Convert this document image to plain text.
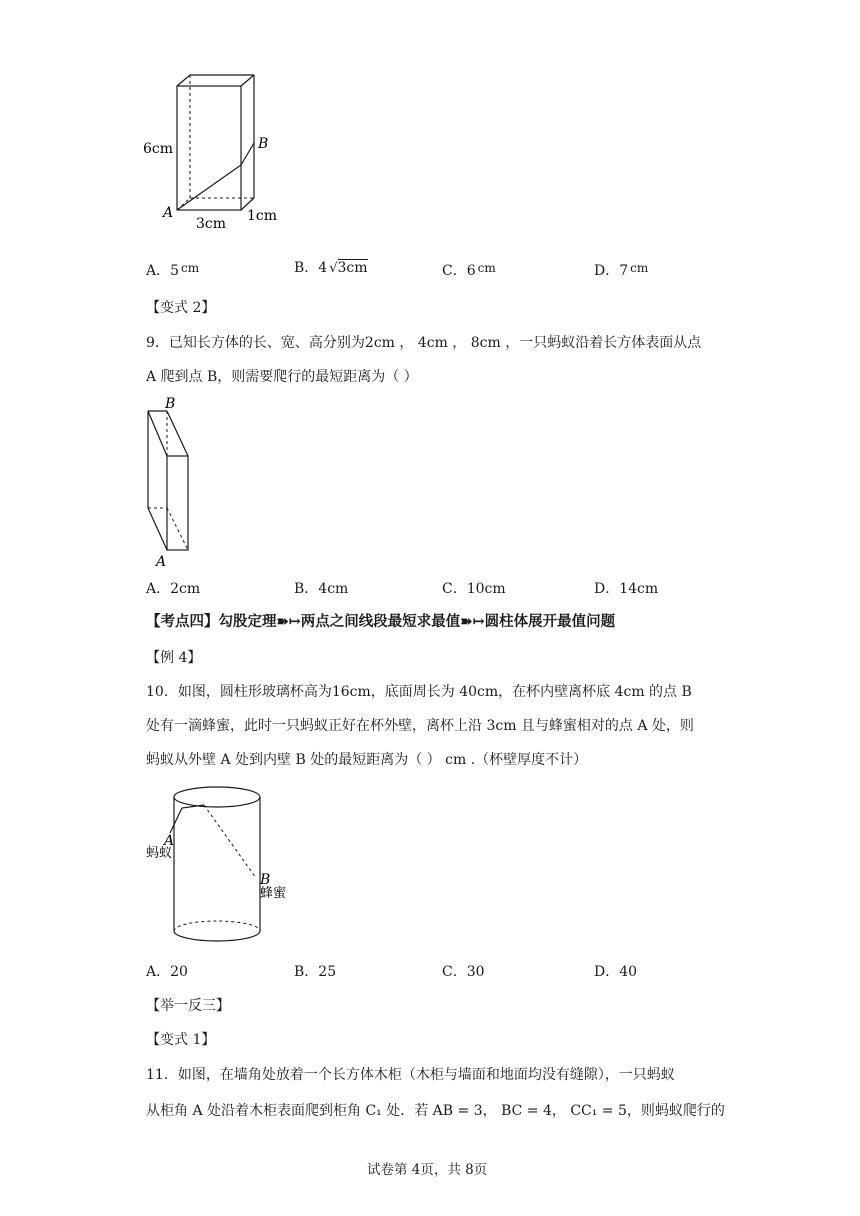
6cm	B
A
3cm 1cm
A．5 cm	B．4 √3cm	C．6 cm	D．7 cm
【变式 2】
9．已知长方体的长、宽、高分别为2cm ， 4cm ， 8cm ，一只蚂蚁沿着长方体表面从点
A 爬到点 B，则需要爬行的最短距离为（ ）
B
A
A．2cm	B．4cm	C．10cm	D．14cm
【考点四】勾股定理➽↦两点之间线段最短求最值➽↦圆柱体展开最值问题
【例 4】
10．如图，圆柱形玻璃杯高为16cm，底面周长为 40cm，在杯内壁离杯底 4cm 的点 B
处有一滴蜂蜜，此时一只蚂蚁正好在杯外壁，离杯上沿 3cm 且与蜂蜜相对的点 A 处，则
蚂蚁从外壁 A 处到内壁 B 处的最短距离为（ ） cm .（杯壁厚度不计）
A
蚂蚁
B
蜂蜜
A．20	B．25	C．30	D．40
【举一反三】
【变式 1】
11．如图，在墙角处放着一个长方体木柜（木柜与墙面和地面均没有缝隙），一只蚂蚁
从柜角 A 处沿着木柜表面爬到柜角 C₁ 处．若 AB = 3， BC = 4， CC₁ = 5，则蚂蚁爬行的
试卷第 4页，共 8页
